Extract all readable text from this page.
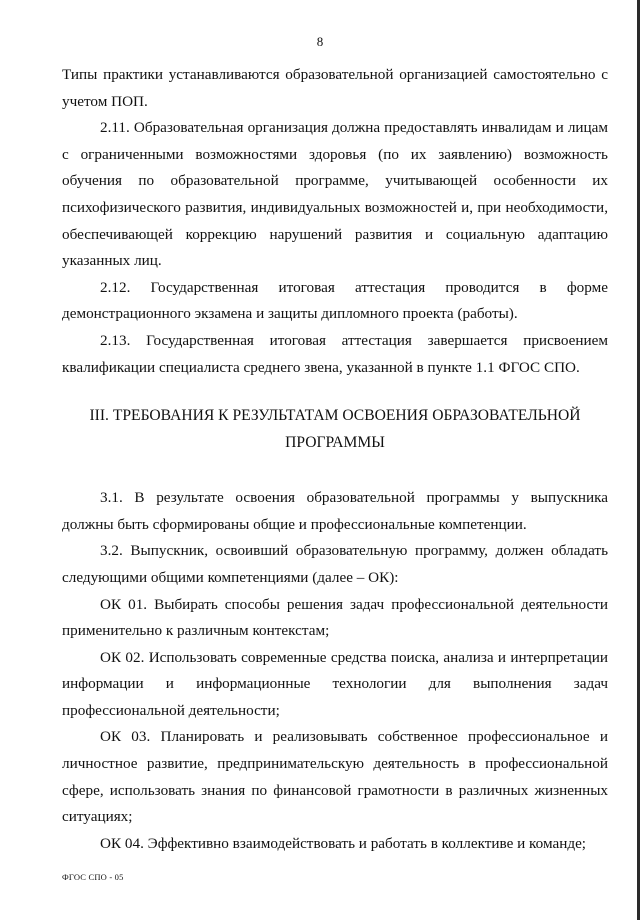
8

Типы практики устанавливаются образовательной организацией самостоятельно с учетом ПОП.

2.11. Образовательная организация должна предоставлять инвалидам и лицам с ограниченными возможностями здоровья (по их заявлению) возможность обучения по образовательной программе, учитывающей особенности их психофизического развития, индивидуальных возможностей и, при необходимости, обеспечивающей коррекцию нарушений развития и социальную адаптацию указанных лиц.

2.12. Государственная итоговая аттестация проводится в форме демонстрационного экзамена и защиты дипломного проекта (работы).

2.13. Государственная итоговая аттестация завершается присвоением квалификации специалиста среднего звена, указанной в пункте 1.1 ФГОС СПО.

III. ТРЕБОВАНИЯ К РЕЗУЛЬТАТАМ ОСВОЕНИЯ ОБРАЗОВАТЕЛЬНОЙ

ПРОГРАММЫ

3.1. В результате освоения образовательной программы у выпускника должны быть сформированы общие и профессиональные компетенции.

3.2. Выпускник, освоивший образовательную программу, должен обладать следующими общими компетенциями (далее – ОК):

ОК 01. Выбирать способы решения задач профессиональной деятельности применительно к различным контекстам;

ОК 02. Использовать современные средства поиска, анализа и интерпретации информации и информационные технологии для выполнения задач профессиональной деятельности;

ОК 03. Планировать и реализовывать собственное профессиональное и личностное развитие, предпринимательскую деятельность в профессиональной сфере, использовать знания по финансовой грамотности в различных жизненных ситуациях;

ОК 04. Эффективно взаимодействовать и работать в коллективе и команде;

ФГОС СПО - 05
